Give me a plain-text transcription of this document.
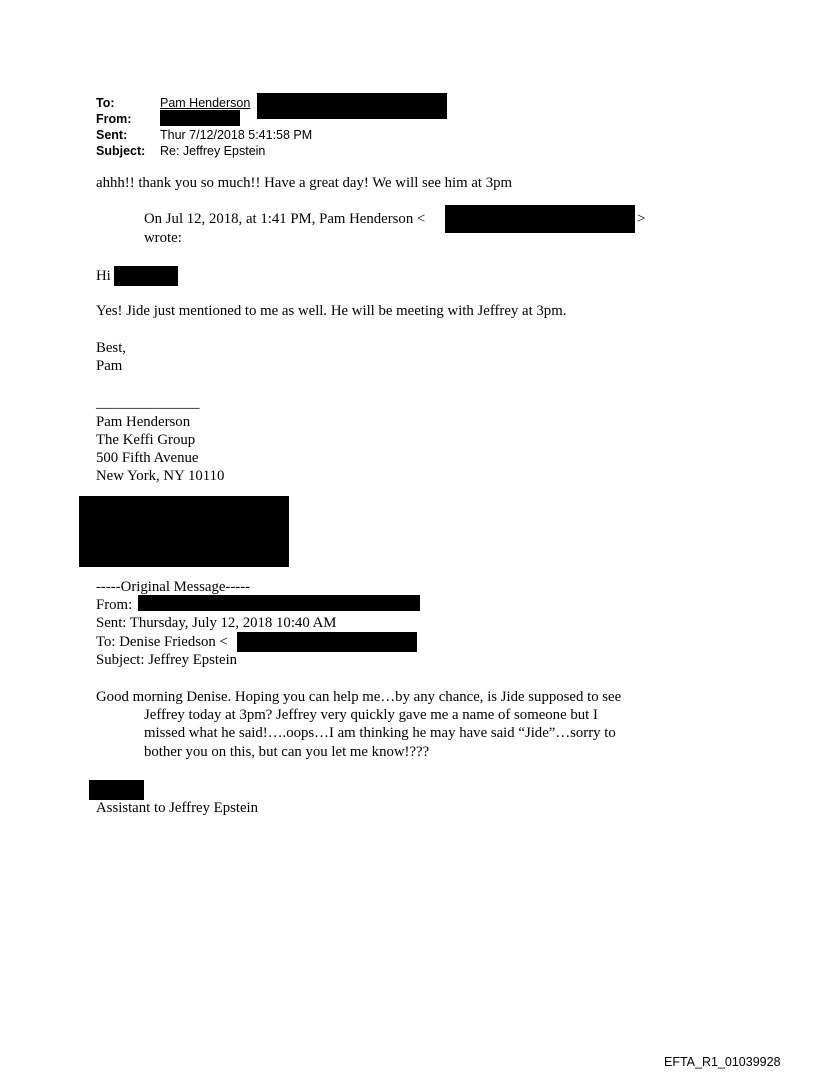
To:	Pam Henderson
From:
Sent:	Thur 7/12/2018 5:41:58 PM
Subject: Re: Jeffrey Epstein
ahhh!! thank you so much!! Have a great day! We will see him at 3pm
On Jul 12, 2018, at 1:41 PM, Pam Henderson <	>
wrote:
Hi
Yes! Jide just mentioned to me as well. He will be meeting with Jeffrey at 3pm.
Best,
Pam
______________
Pam Henderson
The Keffi Group
500 Fifth Avenue
New York, NY 10110
-----Original Message-----
From:
Sent: Thursday, July 12, 2018 10:40 AM
To: Denise Friedson <
Subject: Jeffrey Epstein
Good morning Denise. Hoping you can help me…by any chance, is Jide supposed to see
Jeffrey today at 3pm? Jeffrey very quickly gave me a name of someone but I
missed what he said!….oops…I am thinking he may have said “Jide”…sorry to
bother you on this, but can you let me know!???
Assistant to Jeffrey Epstein
EFTA_R1_01039928
